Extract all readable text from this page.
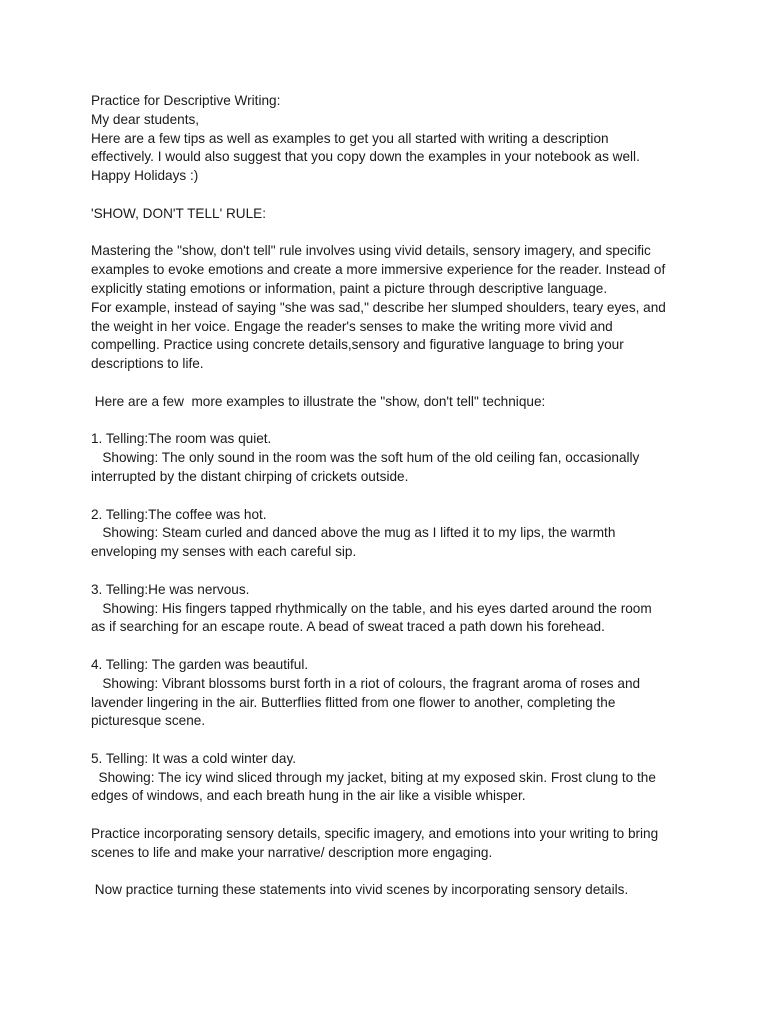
Practice for Descriptive Writing:
My dear students,
Here are a few tips as well as examples to get you all started with writing a description
effectively. I would also suggest that you copy down the examples in your notebook as well.
Happy Holidays :)
'SHOW, DON'T TELL' RULE:
Mastering the "show, don't tell" rule involves using vivid details, sensory imagery, and specific
examples to evoke emotions and create a more immersive experience for the reader. Instead of
explicitly stating emotions or information, paint a picture through descriptive language.
For example, instead of saying "she was sad," describe her slumped shoulders, teary eyes, and
the weight in her voice. Engage the reader's senses to make the writing more vivid and
compelling. Practice using concrete details,sensory and figurative language to bring your
descriptions to life.
Here are a few  more examples to illustrate the "show, don't tell" technique:
1. Telling:The room was quiet.
Showing: The only sound in the room was the soft hum of the old ceiling fan, occasionally
interrupted by the distant chirping of crickets outside.
2. Telling:The coffee was hot.
Showing: Steam curled and danced above the mug as I lifted it to my lips, the warmth
enveloping my senses with each careful sip.
3. Telling:He was nervous.
Showing: His fingers tapped rhythmically on the table, and his eyes darted around the room
as if searching for an escape route. A bead of sweat traced a path down his forehead.
4. Telling: The garden was beautiful.
Showing: Vibrant blossoms burst forth in a riot of colours, the fragrant aroma of roses and
lavender lingering in the air. Butterflies flitted from one flower to another, completing the
picturesque scene.
5. Telling: It was a cold winter day.
Showing: The icy wind sliced through my jacket, biting at my exposed skin. Frost clung to the
edges of windows, and each breath hung in the air like a visible whisper.
Practice incorporating sensory details, specific imagery, and emotions into your writing to bring
scenes to life and make your narrative/ description more engaging.
Now practice turning these statements into vivid scenes by incorporating sensory details.
